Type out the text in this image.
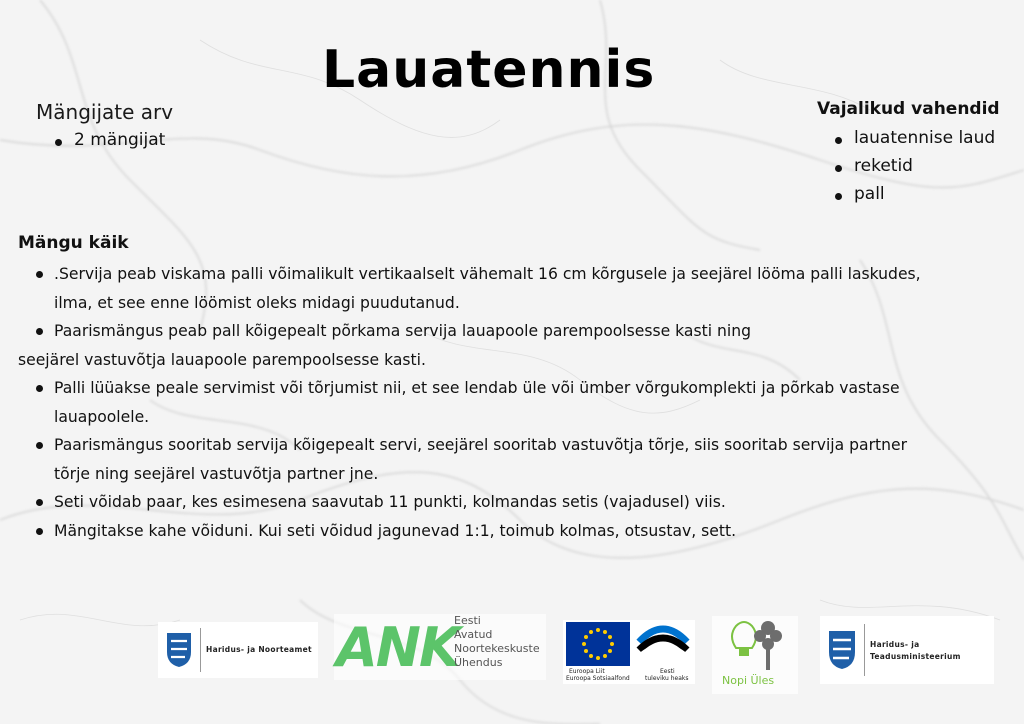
Lauatennis
Mängijate arv
2 mängijat
Vajalikud vahendid
lauatennise laud
reketid
pall
Mängu käik
.Servija peab viskama palli võimalikult vertikaalselt vähemalt 16 cm kõrgusele ja seejärel lööma palli laskudes,
ilma, et see enne löömist oleks midagi puudutanud.
Paarismängus peab pall kõigepealt põrkama servija lauapoole parempoolsesse kasti ning
seejärel vastuvõtja lauapoole parempoolsesse kasti.
Palli lüüakse peale servimist või tõrjumist nii, et see lendab üle või ümber võrgukomplekti ja põrkab vastase
lauapoolele.
Paarismängus sooritab servija kõigepealt servi, seejärel sooritab vastuvõtja tõrje, siis sooritab servija partner
tõrje ning seejärel vastuvõtja partner jne.
Seti võidab paar, kes esimesena saavutab 11 punkti, kolmandas setis (vajadusel) viis.
Mängitakse kahe võiduni. Kui seti võidud jagunevad 1:1, toimub kolmas, otsustav, sett.
Haridus- ja Noorteamet ANK
Eesti
Avatud
Noortekeskuste
Ühendus
Euroopa Liit
Euroopa Sotsiaalfond
Eesti
tuleviku heaks	Nopi Üles
Haridus- ja
Teadusministeerium
